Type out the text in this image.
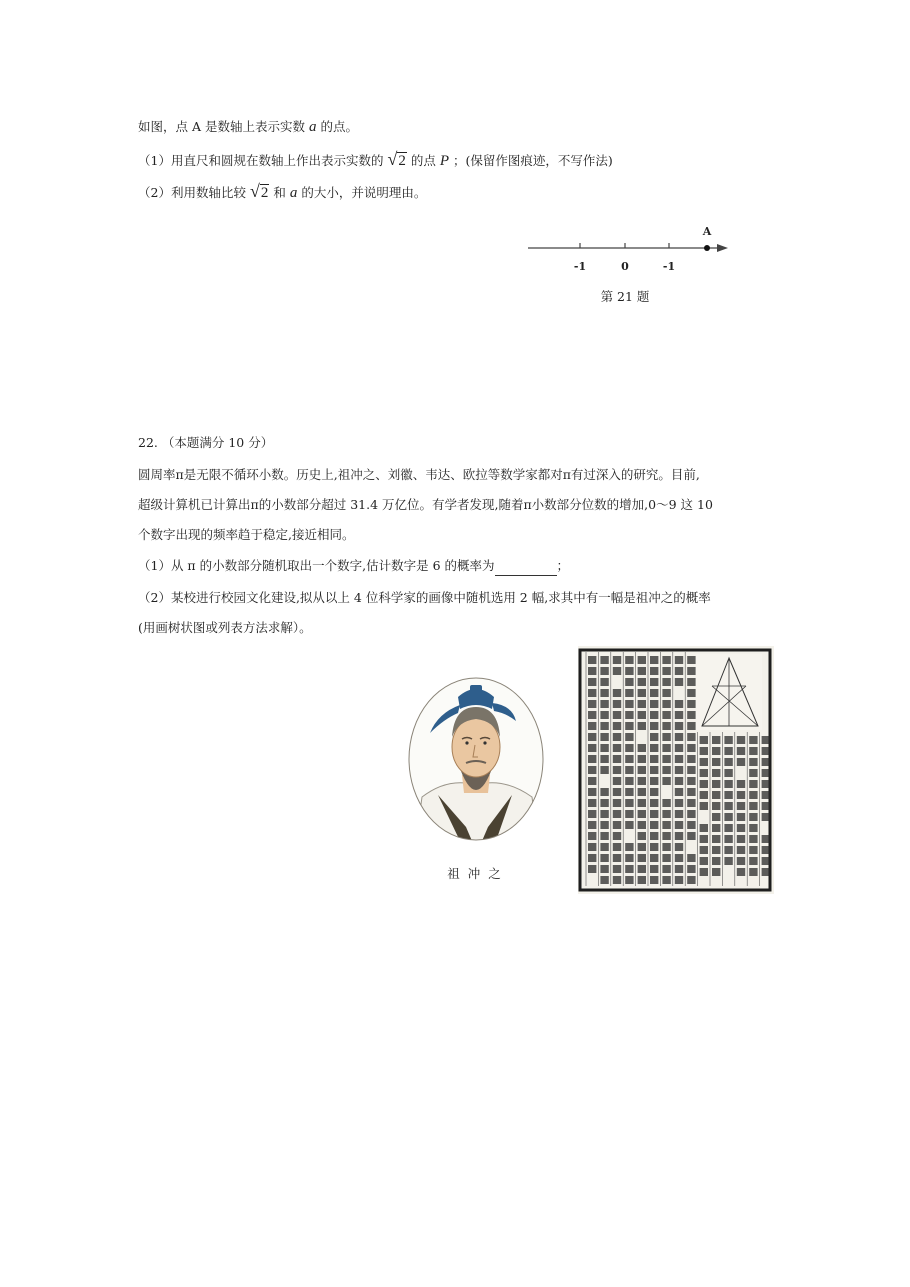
如图，点 A 是数轴上表示实数 a 的点。
（1）用直尺和圆规在数轴上作出表示实数的 √2 的点 P ；(保留作图痕迹，不写作法)
（2）利用数轴比较 √2 和 a 的大小，并说明理由。
A
-1	0	-1
第 21 题
22. （本题满分 10 分）
圆周率π是无限不循环小数。历史上,祖冲之、刘徽、韦达、欧拉等数学家都对π有过深入的研究。目前,
超级计算机已计算出π的小数部分超过 31.4 万亿位。有学者发现,随着π小数部分位数的增加,0～9 这 10
个数字出现的频率趋于稳定,接近相同。
（1）从 π 的小数部分随机取出一个数字,估计数字是 6 的概率为	；
（2）某校进行校园文化建设,拟从以上 4 位科学家的画像中随机选用 2 幅,求其中有一幅是祖冲之的概率
(用画树状图或列表方法求解）。
祖 冲 之
